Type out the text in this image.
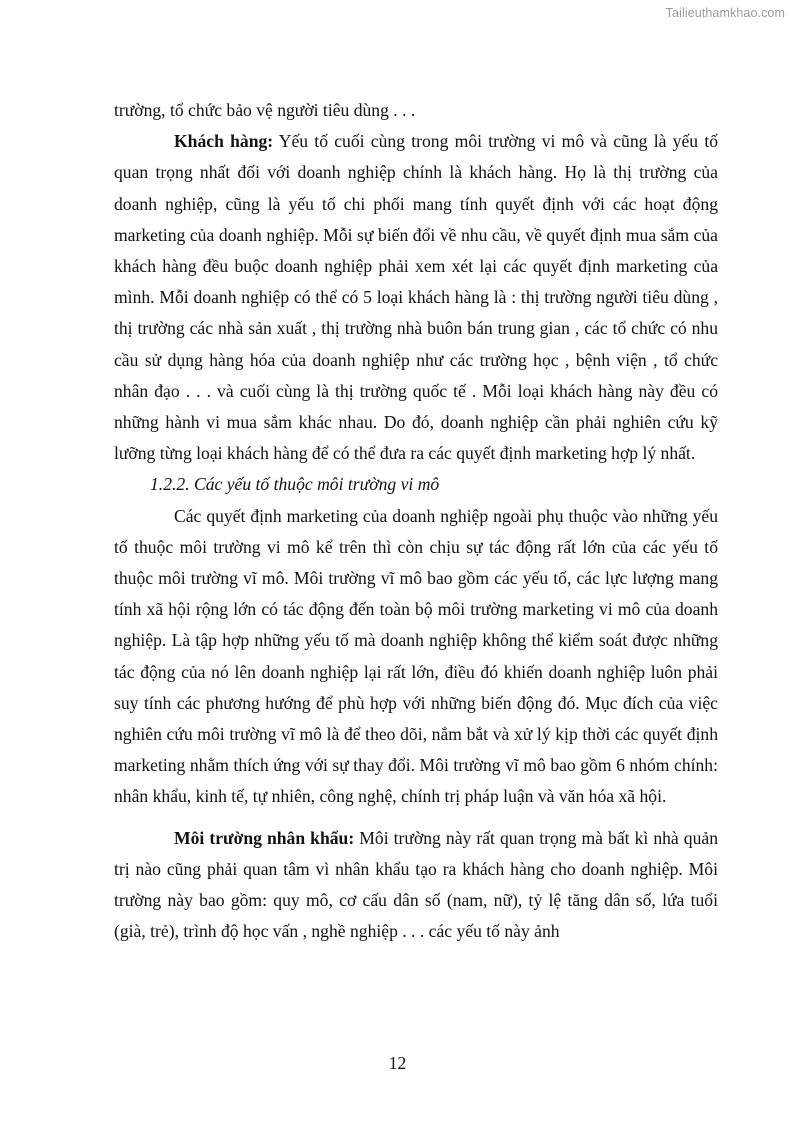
Tailieuthamkhao.com

trường, tổ chức bảo vệ người tiêu dùng . . .

Khách hàng: Yếu tố cuối cùng trong môi trường vi mô và cũng là yếu tố quan trọng nhất đối với doanh nghiệp chính là khách hàng. Họ là thị trường của doanh nghiệp, cũng là yếu tố chi phối mang tính quyết định với các hoạt động marketing của doanh nghiệp. Mỗi sự biến đổi về nhu cầu, về quyết định mua sắm của khách hàng đều buộc doanh nghiệp phải xem xét lại các quyết định marketing của mình. Mỗi doanh nghiệp có thể có 5 loại khách hàng là : thị trường người tiêu dùng , thị trường các nhà sản xuất , thị trường nhà buôn bán trung gian , các tổ chức có nhu cầu sử dụng hàng hóa của doanh nghiệp như các trường học , bệnh viện , tổ chức nhân đạo . . . và cuối cùng là thị trường quốc tế . Mỗi loại khách hàng này đều có những hành vi mua sắm khác nhau. Do đó, doanh nghiệp cần phải nghiên cứu kỹ lưỡng từng loại khách hàng để có thể đưa ra các quyết định marketing hợp lý nhất.

1.2.2. Các yếu tố thuộc môi trường vi mô

Các quyết định marketing của doanh nghiệp ngoài phụ thuộc vào những yếu tố thuộc môi trường vi mô kể trên thì còn chịu sự tác động rất lớn của các yếu tố thuộc môi trường vĩ mô. Môi trường vĩ mô bao gồm các yếu tố, các lực lượng mang tính xã hội rộng lớn có tác động đến toàn bộ môi trường marketing vi mô của doanh nghiệp. Là tập hợp những yếu tố mà doanh nghiệp không thể kiểm soát được những tác động của nó lên doanh nghiệp lại rất lớn, điều đó khiến doanh nghiệp luôn phải suy tính các phương hướng để phù hợp với những biến động đó. Mục đích của việc nghiên cứu môi trường vĩ mô là để theo dõi, nắm bắt và xử lý kịp thời các quyết định marketing nhằm thích ứng với sự thay đổi. Môi trường vĩ mô bao gồm 6 nhóm chính: nhân khẩu, kinh tế, tự nhiên, công nghệ, chính trị pháp luận và văn hóa xã hội.

Môi trường nhân khẩu: Môi trường này rất quan trọng mà bất kì nhà quản trị nào cũng phải quan tâm vì nhân khẩu tạo ra khách hàng cho doanh nghiệp. Môi trường này bao gồm: quy mô, cơ cấu dân số (nam, nữ), tỷ lệ tăng dân số, lứa tuổi (già, trẻ), trình độ học vấn , nghề nghiệp . . . các yếu tố này ảnh

12
